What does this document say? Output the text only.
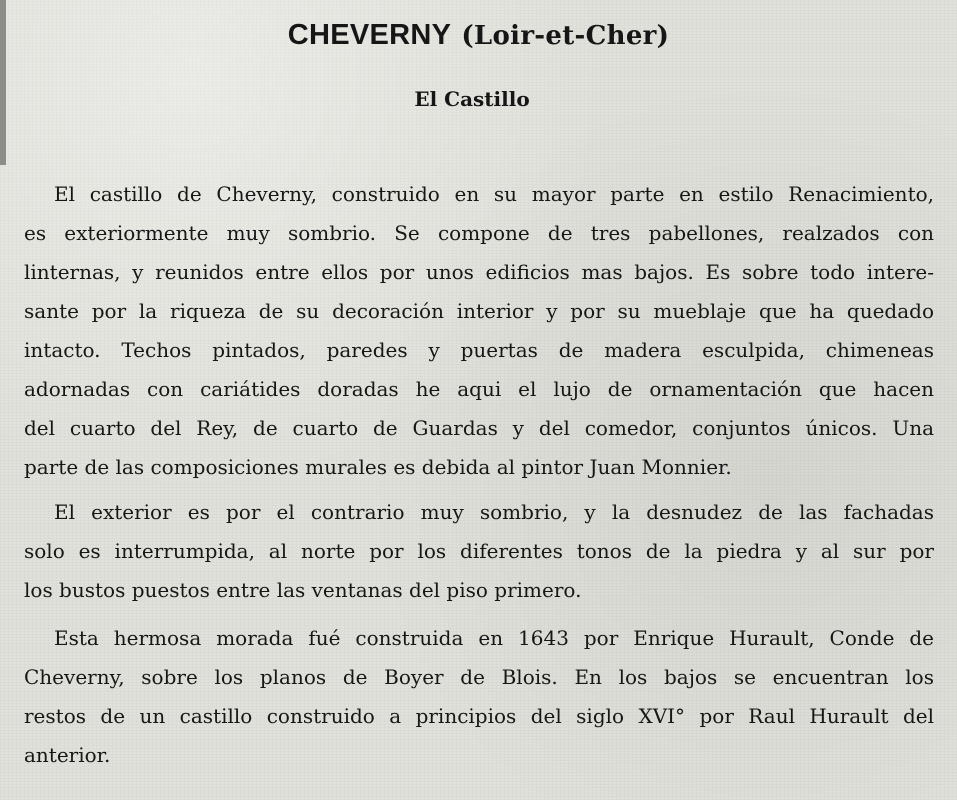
CHEVERNY (Loir-et-Cher)
El Castillo
El castillo de Cheverny, construido en su mayor parte en estilo Renacimiento,
es exteriormente muy sombrio. Se compone de tres pabellones, realzados con
linternas, y reunidos entre ellos por unos edificios mas bajos. Es sobre todo intere-
sante por la riqueza de su decoración interior y por su mueblaje que ha quedado
intacto. Techos pintados, paredes y puertas de madera esculpida, chimeneas
adornadas con cariátides doradas he aqui el lujo de ornamentación que hacen
del cuarto del Rey, de cuarto de Guardas y del comedor, conjuntos únicos. Una
parte de las composiciones murales es debida al pintor Juan Monnier.
El exterior es por el contrario muy sombrio, y la desnudez de las fachadas
solo es interrumpida, al norte por los diferentes tonos de la piedra y al sur por
los bustos puestos entre las ventanas del piso primero.
Esta hermosa morada fué construida en 1643 por Enrique Hurault, Conde de
Cheverny, sobre los planos de Boyer de Blois. En los bajos se encuentran los
restos de un castillo construido a principios del siglo XVI° por Raul Hurault del
anterior.
